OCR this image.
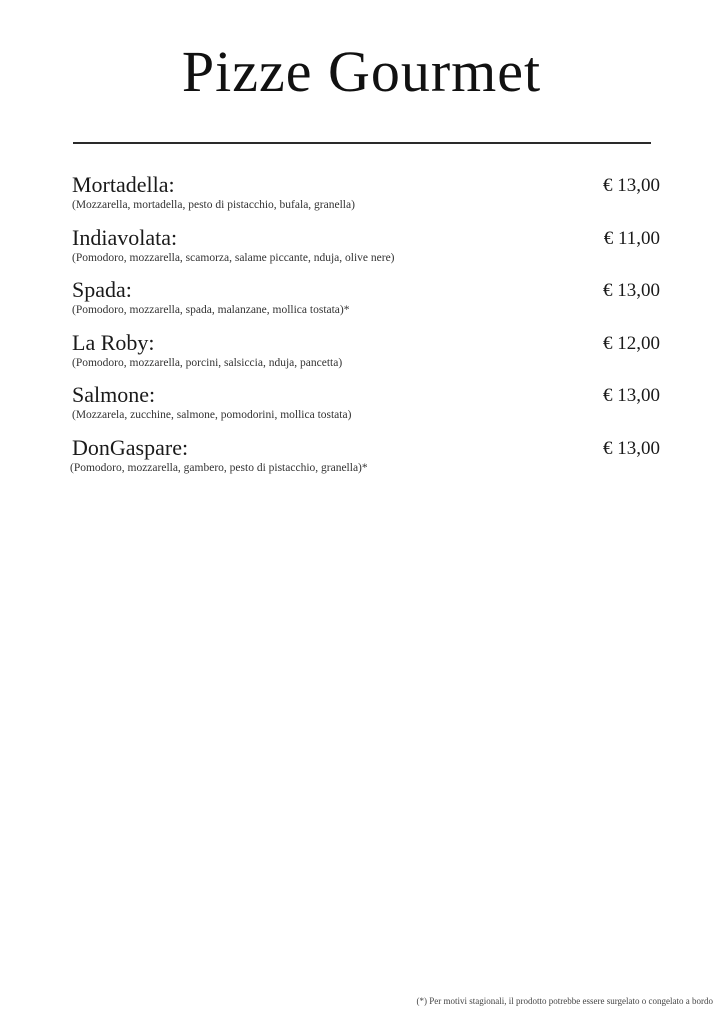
Pizze Gourmet
Mortadella:	€ 13,00
(Mozzarella, mortadella, pesto di pistacchio, bufala, granella)
Indiavolata:	€ 11,00
(Pomodoro, mozzarella, scamorza, salame piccante, nduja, olive nere)
Spada:	€ 13,00
(Pomodoro, mozzarella, spada, malanzane, mollica tostata)*
La Roby:	€ 12,00
(Pomodoro, mozzarella, porcini, salsiccia, nduja, pancetta)
Salmone:	€ 13,00
(Mozzarela, zucchine, salmone, pomodorini, mollica tostata)
DonGaspare:	€ 13,00
(Pomodoro, mozzarella, gambero, pesto di pistacchio, granella)*
(*) Per motivi stagionali, il prodotto potrebbe essere surgelato o congelato a bordo
